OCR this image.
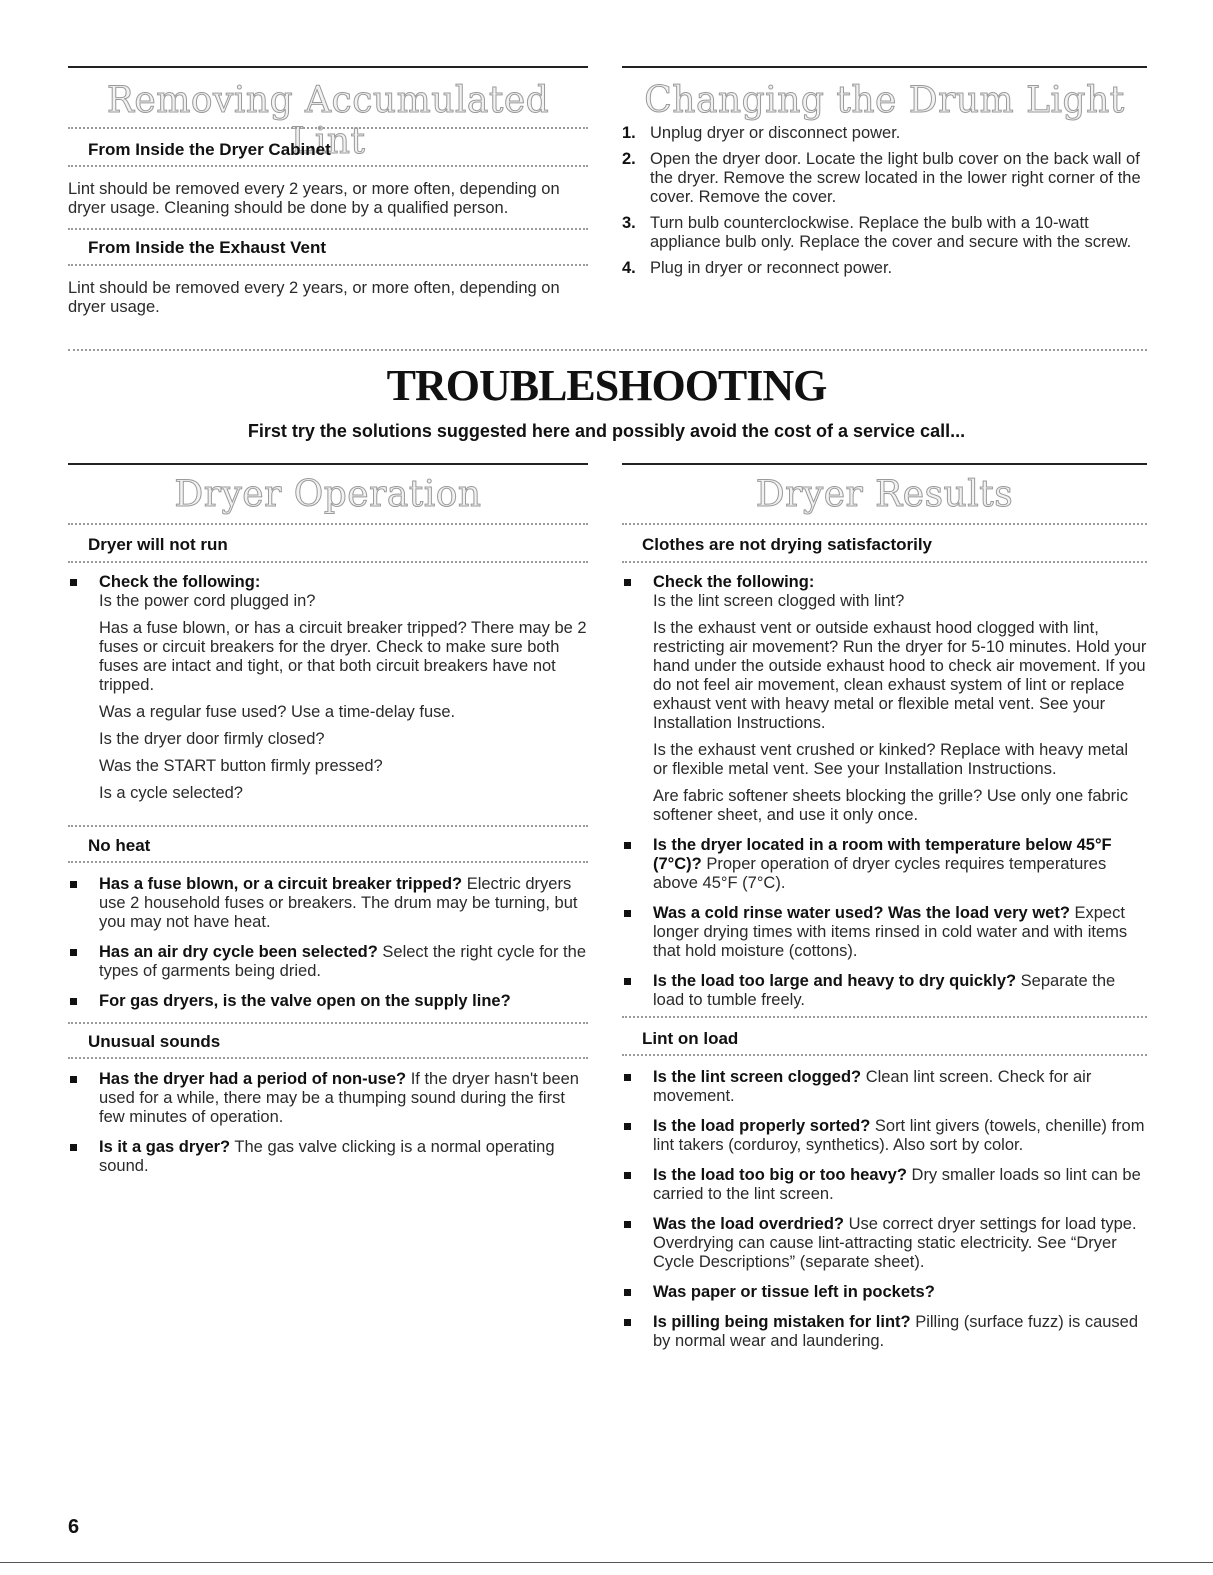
Removing Accumulated Lint
From Inside the Dryer Cabinet

Lint should be removed every 2 years, or more often, depending on dryer usage. Cleaning should be done by a qualified person.

From Inside the Exhaust Vent

Lint should be removed every 2 years, or more often, depending on dryer usage.

Changing the Drum Light
1. Unplug dryer or disconnect power.
2. Open the dryer door. Locate the light bulb cover on the back wall of the dryer. Remove the screw located in the lower right corner of the cover. Remove the cover.
3. Turn bulb counterclockwise. Replace the bulb with a 10-watt appliance bulb only. Replace the cover and secure with the screw.
4. Plug in dryer or reconnect power.
TROUBLESHOOTING
First try the solutions suggested here and possibly avoid the cost of a service call...
Dryer Operation
Dryer will not run
Check the following:

Is the power cord plugged in?

Has a fuse blown, or has a circuit breaker tripped? There may be 2 fuses or circuit breakers for the dryer. Check to make sure both fuses are intact and tight, or that both circuit breakers have not tripped.

Was a regular fuse used? Use a time-delay fuse.

Is the dryer door firmly closed?

Was the START button firmly pressed?

Is a cycle selected?

No heat
Has a fuse blown, or a circuit breaker tripped? Electric dryers use 2 household fuses or breakers. The drum may be turning, but you may not have heat.
Has an air dry cycle been selected? Select the right cycle for the types of garments being dried.
For gas dryers, is the valve open on the supply line?
Unusual sounds
Has the dryer had a period of non-use? If the dryer hasn't been used for a while, there may be a thumping sound during the first few minutes of operation.
Is it a gas dryer? The gas valve clicking is a normal operating sound.
Dryer Results
Clothes are not drying satisfactorily
Check the following:

Is the lint screen clogged with lint?

Is the exhaust vent or outside exhaust hood clogged with lint, restricting air movement? Run the dryer for 5-10 minutes. Hold your hand under the outside exhaust hood to check air movement. If you do not feel air movement, clean exhaust system of lint or replace exhaust vent with heavy metal or flexible metal vent. See your Installation Instructions.

Is the exhaust vent crushed or kinked? Replace with heavy metal or flexible metal vent. See your Installation Instructions.

Are fabric softener sheets blocking the grille? Use only one fabric softener sheet, and use it only once.

Is the dryer located in a room with temperature below 45°F (7°C)? Proper operation of dryer cycles requires temperatures above 45°F (7°C).
Was a cold rinse water used? Was the load very wet? Expect longer drying times with items rinsed in cold water and with items that hold moisture (cottons).
Is the load too large and heavy to dry quickly? Separate the load to tumble freely.
Lint on load
Is the lint screen clogged? Clean lint screen. Check for air movement.
Is the load properly sorted? Sort lint givers (towels, chenille) from lint takers (corduroy, synthetics). Also sort by color.
Is the load too big or too heavy? Dry smaller loads so lint can be carried to the lint screen.
Was the load overdried? Use correct dryer settings for load type. Overdrying can cause lint-attracting static electricity. See “Dryer Cycle Descriptions” (separate sheet).
Was paper or tissue left in pockets?
Is pilling being mistaken for lint? Pilling (surface fuzz) is caused by normal wear and laundering.
6
